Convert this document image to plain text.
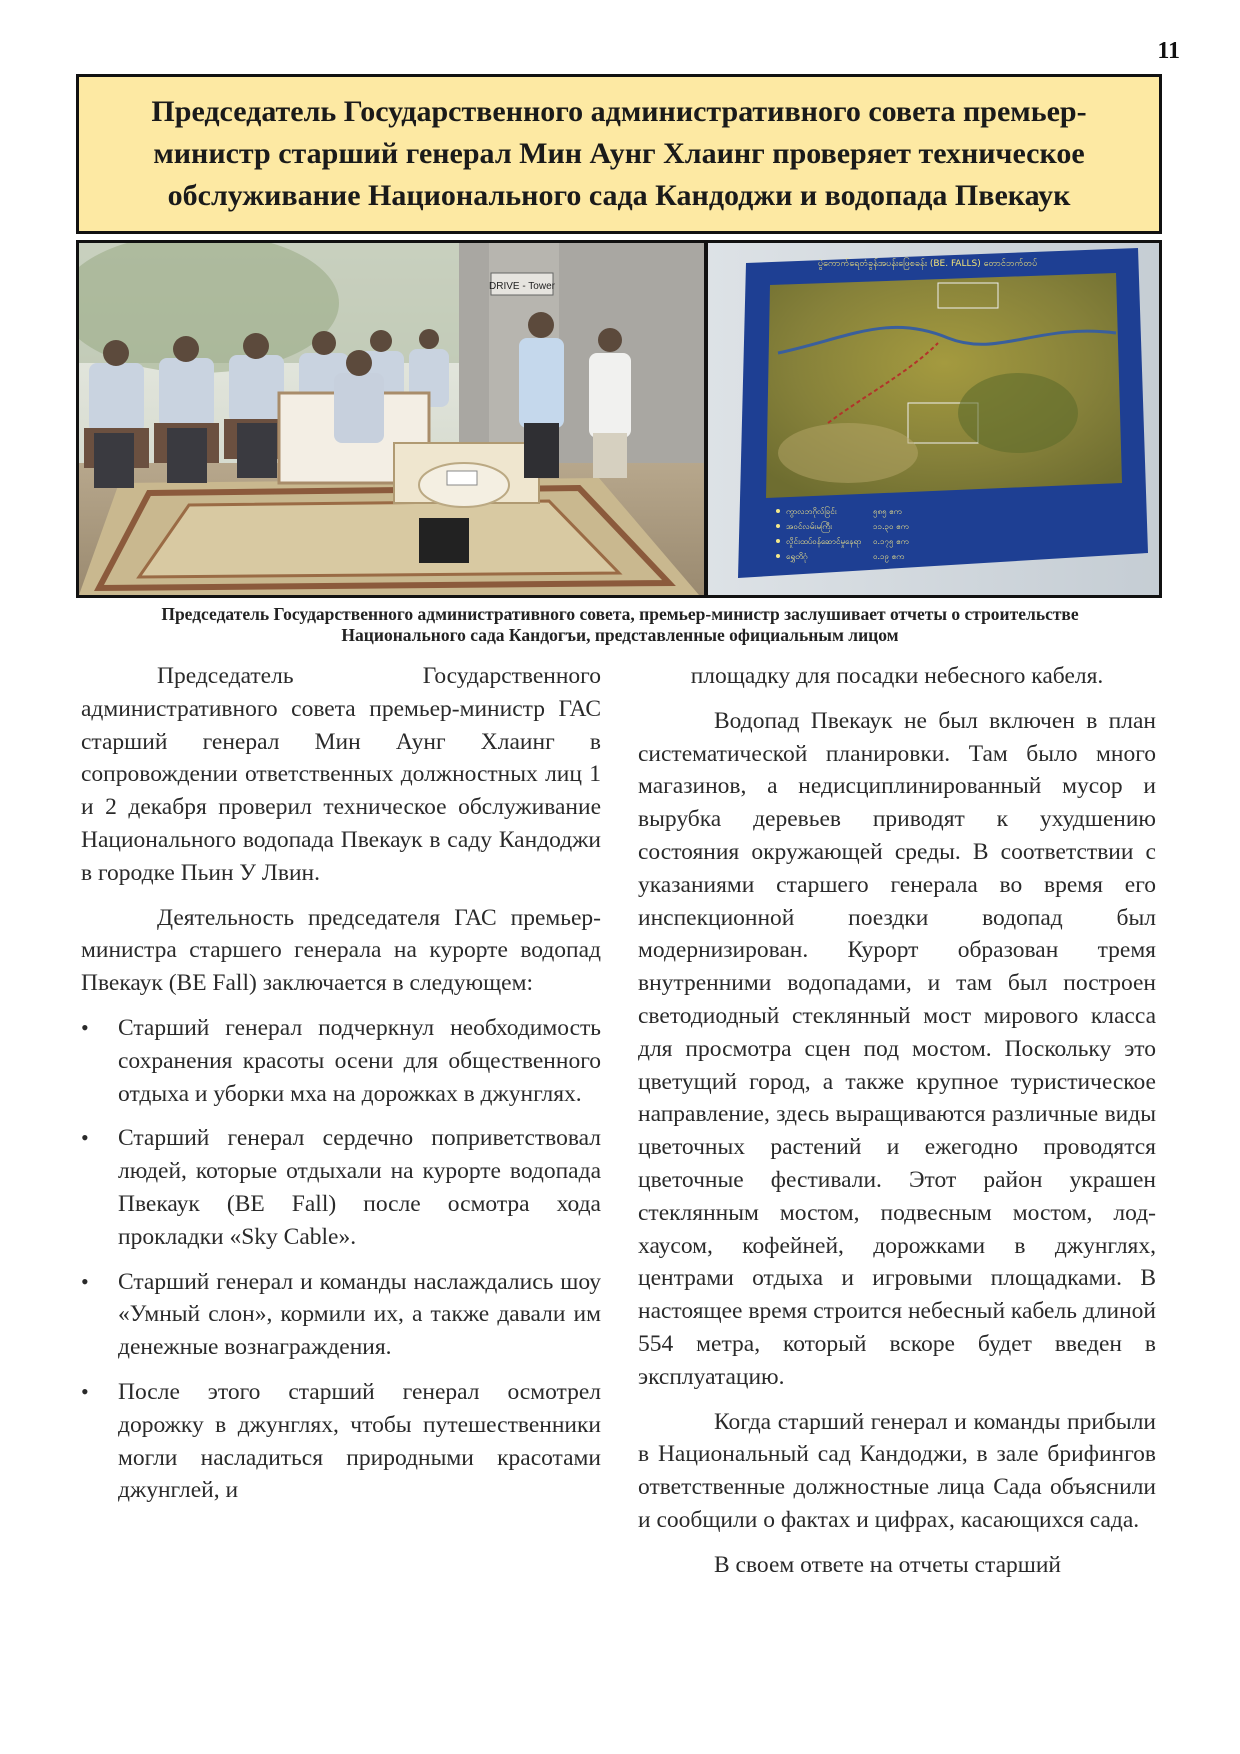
11
Председатель Государственного административного совета премьер-министр старший генерал Мин Аунг Хлаинг проверяет техническое обслуживание Национального сада Кандоджи и водопада Пвекаук
DRIVE - Tower
ပွဲကောက်ရေတံခွန်အပန်းဖြေစခန်း (BE. FALLS) တောင်ဘက်တပ်
ကွာလဘဂိုလ်ခြင်း	၅၈၅ ဧက
အဝင်လမ်းမကြီး	၁၁.၃၀ ဧက
လှိုင်းထပ်ဝန်ဆောင်မှုနေရာ ၀.၁၇၅ ဧက
ရွှေတိဂုံ	၀.၁၉ ဧက
Председатель Государственного административного совета, премьер-министр заслушивает отчеты о строительстве Национального сада Кандогъи, представленные официальным лицом

Председатель Государственного административного совета премьер-министр ГАС старший генерал Мин Аунг Хлаинг в сопровождении ответственных должностных лиц 1 и 2 декабря проверил техническое обслуживание Национального водопада Пвекаук в саду Кандоджи в городке Пьин У Лвин.

Деятельность председателя ГАС премьер-министра старшего генерала на курорте водопад Пвекаук (BE Fall) заключается в следующем:

• Старший генерал подчеркнул необходимость сохранения красоты осени для общественного отдыха и уборки мха на дорожках в джунглях.
• Старший генерал сердечно поприветствовал людей, которые отдыхали на курорте водопада Пвекаук (BE Fall) после осмотра хода прокладки «Sky Cable».
• Старший генерал и команды наслаждались шоу «Умный слон», кормили их, а также давали им денежные вознаграждения.
• После этого старший генерал осмотрел дорожку в джунглях, чтобы путешественники могли насладиться природными красотами джунглей, и

площадку для посадки небесного кабеля.

Водопад Пвекаук не был включен в план систематической планировки. Там было много магазинов, а недисциплинированный мусор и вырубка деревьев приводят к ухудшению состояния окружающей среды. В соответствии с указаниями старшего генерала во время его инспекционной поездки водопад был модернизирован. Курорт образован тремя внутренними водопадами, и там был построен светодиодный стеклянный мост мирового класса для просмотра сцен под мостом. Поскольку это цветущий город, а также крупное туристическое направление, здесь выращиваются различные виды цветочных растений и ежегодно проводятся цветочные фестивали. Этот район украшен стеклянным мостом, подвесным мостом, лод-хаусом, кофейней, дорожками в джунглях, центрами отдыха и игровыми площадками. В настоящее время строится небесный кабель длиной 554 метра, который вскоре будет введен в эксплуатацию.

Когда старший генерал и команды прибыли в Национальный сад Кандоджи, в зале брифингов ответственные должностные лица Сада объяснили и сообщили о фактах и цифрах, касающихся сада.

В своем ответе на отчеты старший
